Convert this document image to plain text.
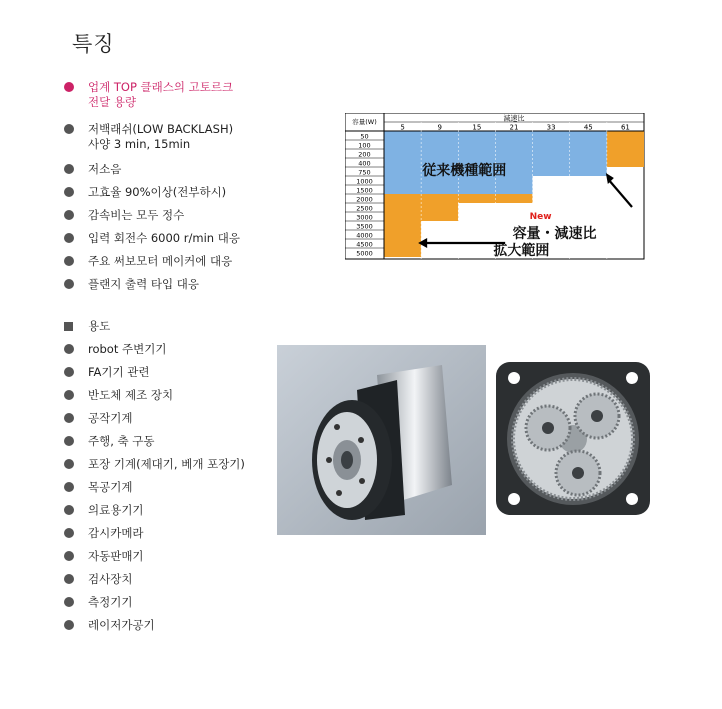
특징
업계 TOP 클래스의 고토르크
전달 용량
저백래쉬(LOW BACKLASH)
사양 3 min, 15min
저소음
고효율 90%이상(전부하시)
감속비는 모두 정수
입력 회전수 6000 r/min 대응
주요 써보모터 메이커에 대응
플랜지 출력 타입 대응
용도
robot 주변기기
FA기기 관련
반도체 제조 장치
공작기계
주행, 축 구동
포장 기계(제대기, 베개 포장기)
목공기계
의료용기기
감시카메라
자동판매기
검사장치
측정기기
레이저가공기
減速比
容量(W)
5	9	15	21	33	45	61
50
100
200
400
750
1000
1500
2000
2500
3000
3500
4000
4500
5000
従来機種範囲
New
容量・減速比
拡大範囲
